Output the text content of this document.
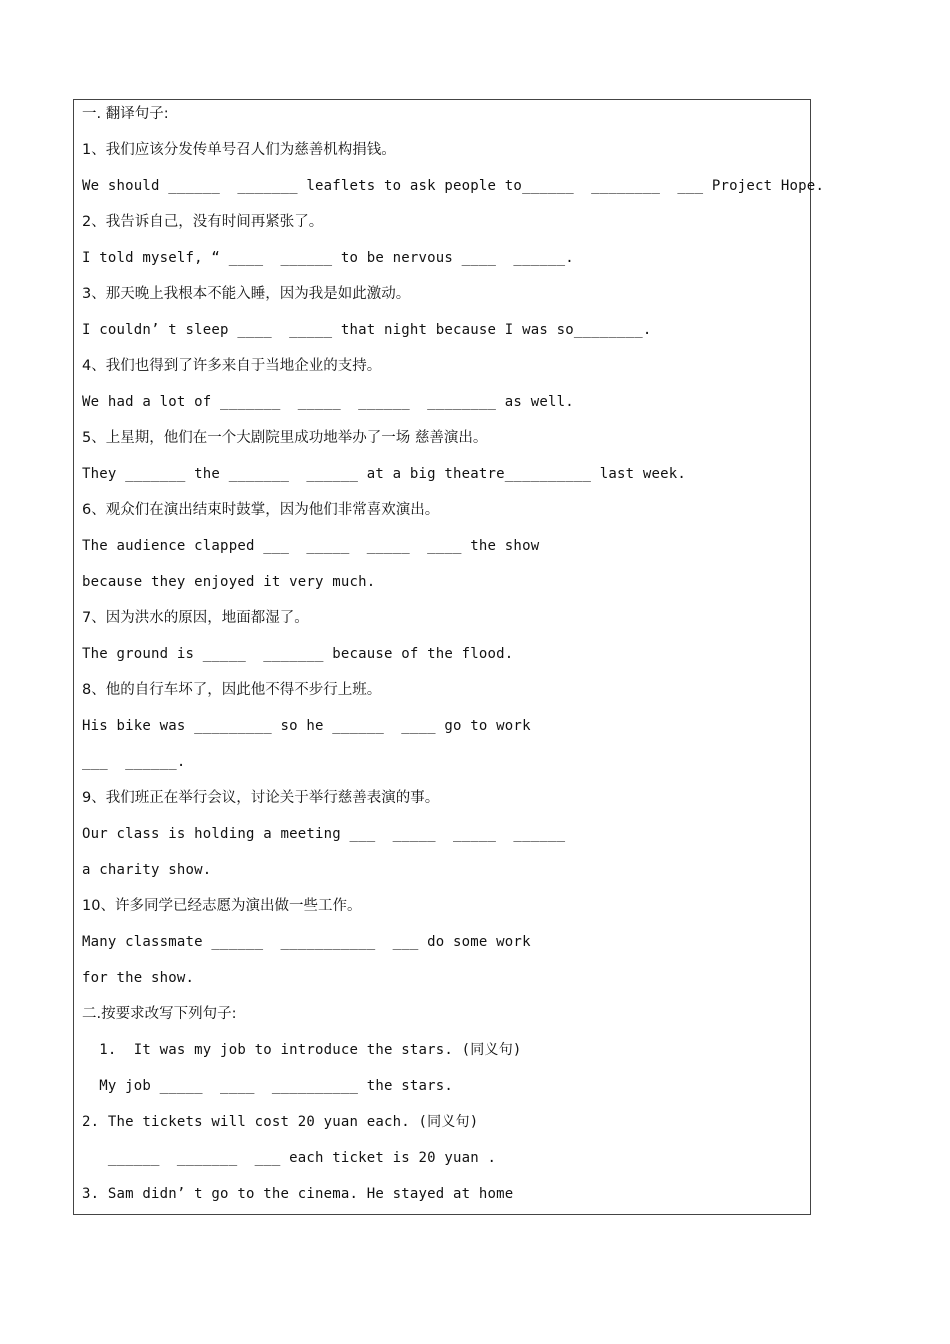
一. 翻译句子:
1、我们应该分发传单号召人们为慈善机构捐钱。
We should ______  _______ leaflets to ask people to______  ________  ___ Project Hope.
2、我告诉自己，没有时间再紧张了。
I told myself, “ ____  ______ to be nervous ____  ______.
3、那天晚上我根本不能入睡，因为我是如此激动。
I couldn’ t sleep ____  _____ that night because I was so________.
4、我们也得到了许多来自于当地企业的支持。
We had a lot of _______  _____  ______  ________ as well.
5、上星期，他们在一个大剧院里成功地举办了一场 慈善演出。
They _______ the _______  ______ at a big theatre__________ last week.
6、观众们在演出结束时鼓掌，因为他们非常喜欢演出。
The audience clapped ___  _____  _____  ____ the show
because they enjoyed it very much.
7、因为洪水的原因，地面都湿了。
The ground is _____  _______ because of the flood.
8、他的自行车坏了，因此他不得不步行上班。
His bike was _________ so he ______  ____ go to work
___  ______.
9、我们班正在举行会议，讨论关于举行慈善表演的事。
Our class is holding a meeting ___  _____  _____  ______
a charity show.
10、许多同学已经志愿为演出做一些工作。
Many classmate ______  ___________  ___ do some work
for the show.
二.按要求改写下列句子:
1.  It was my job to introduce the stars. (同义句)
My job _____  ____  __________ the stars.
2. The tickets will cost 20 yuan each. (同义句)
______  _______  ___ each ticket is 20 yuan .
3. Sam didn’ t go to the cinema. He stayed at home
